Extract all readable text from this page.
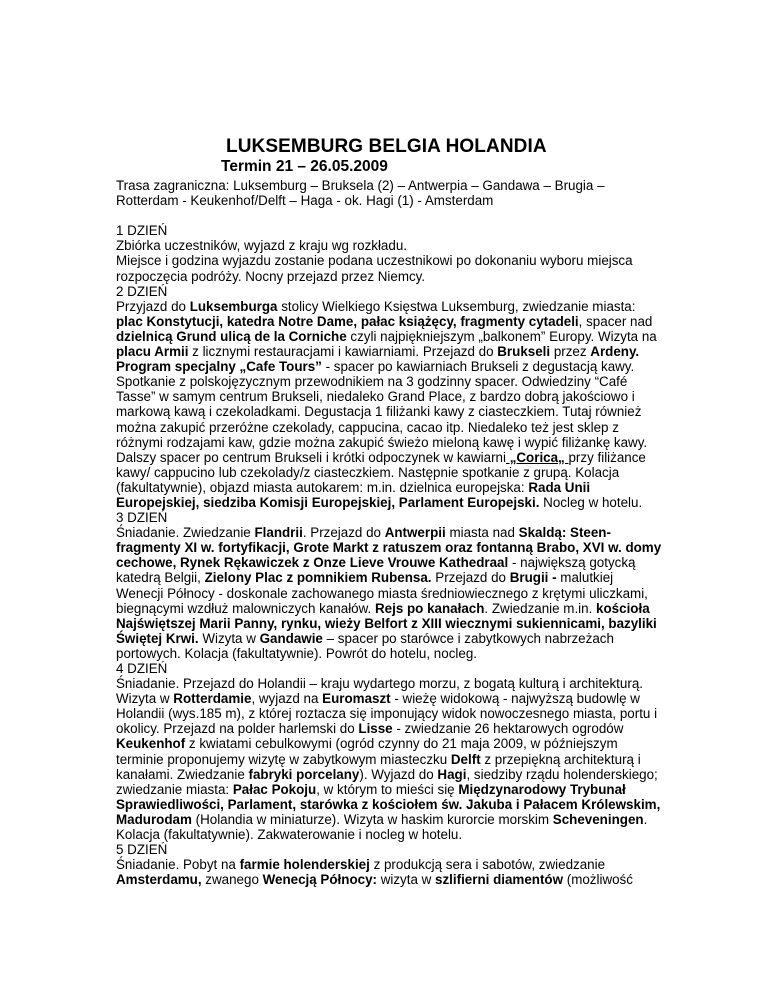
LUKSEMBURG BELGIA HOLANDIA
Termin 21 – 26.05.2009

Trasa zagraniczna: Luksemburg – Bruksela (2) – Antwerpia – Gandawa – Brugia –Rotterdam - Keukenhof/Delft – Haga - ok. Hagi (1) - Amsterdam

1 DZIEŃ

Zbiórka uczestników, wyjazd z kraju wg rozkładu.

Miejsce i godzina wyjazdu zostanie podana uczestnikowi po dokonaniu wyboru miejsca rozpoczęcia podróży. Nocny przejazd przez Niemcy.

2 DZIEŃ

Przyjazd do Luksemburga stolicy Wielkiego Księstwa Luksemburg, zwiedzanie miasta: plac Konstytucji, katedra Notre Dame, pałac książęcy, fragmenty cytadeli, spacer nad dzielnicą Grund ulicą de la Corniche czyli najpiękniejszym „balkonem” Europy. Wizyta na placu Armii z licznymi restauracjami i kawiarniami. Przejazd do Brukseli przez Ardeny.

Program specjalny „Cafe Tours” - spacer po kawiarniach Brukseli z degustacją kawy. Spotkanie z polskojęzycznym przewodnikiem na 3 godzinny spacer. Odwiedziny “Café Tasse” w samym centrum Brukseli, niedaleko Grand Place, z bardzo dobrą jakościowo i markową kawą i czekoladkami. Degustacja 1 filiżanki kawy z ciasteczkiem. Tutaj również można zakupić przeróżne czekolady, cappucina, cacao itp. Niedaleko też jest sklep z różnymi rodzajami kaw, gdzie można zakupić świeżo mieloną kawę i wypić filiżankę kawy. Dalszy spacer po centrum Brukseli i krótki odpoczynek w kawiarni „Corica„ przy filiżance kawy/ cappucino lub czekolady/z ciasteczkiem. Następnie spotkanie z grupą. Kolacja (fakultatywnie), objazd miasta autokarem: m.in. dzielnica europejska: Rada Unii Europejskiej, siedziba Komisji Europejskiej, Parlament Europejski. Nocleg w hotelu.

3 DZIEŃ

Śniadanie. Zwiedzanie Flandrii. Przejazd do Antwerpii miasta nad Skaldą: Steen- fragmenty XI w. fortyfikacji, Grote Markt z ratuszem oraz fontanną Brabo, XVI w. domy cechowe, Rynek Rękawiczek z Onze Lieve Vrouwe Kathedraal - największą gotycką katedrą Belgii, Zielony Plac z pomnikiem Rubensa. Przejazd do Brugii - malutkiej Wenecji Północy - doskonale zachowanego miasta średniowiecznego z krętymi uliczkami, biegnącymi wzdłuż malowniczych kanałów. Rejs po kanałach. Zwiedzanie m.in. kościoła Najświętszej Marii Panny, rynku, wieży Belfort z XIII wiecznymi sukiennicami, bazyliki Świętej Krwi. Wizyta w Gandawie – spacer po starówce i zabytkowych nabrzeżach portowych. Kolacja (fakultatywnie). Powrót do hotelu, nocleg.

4 DZIEŃ

Śniadanie. Przejazd do Holandii – kraju wydartego morzu, z bogatą kulturą i architekturą. Wizyta w Rotterdamie, wyjazd na Euromaszt - wieżę widokową - najwyższą budowlę w Holandii (wys.185 m), z której roztacza się imponujący widok nowoczesnego miasta, portu i okolicy. Przejazd na polder harlemski do Lisse - zwiedzanie 26 hektarowych ogrodów Keukenhof z kwiatami cebulkowymi (ogród czynny do 21 maja 2009, w późniejszym terminie proponujemy wizytę w zabytkowym miasteczku Delft z przepiękną architekturą i kanałami. Zwiedzanie fabryki porcelany). Wyjazd do Hagi, siedziby rządu holenderskiego; zwiedzanie miasta: Pałac Pokoju, w którym to mieści się Międzynarodowy Trybunał Sprawiedliwości, Parlament, starówka z kościołem św. Jakuba i Pałacem Królewskim, Madurodam (Holandia w miniaturze). Wizyta w haskim kurorcie morskim Scheveningen. Kolacja (fakultatywnie). Zakwaterowanie i nocleg w hotelu.

5 DZIEŃ

Śniadanie. Pobyt na farmie holenderskiej z produkcją sera i sabotów, zwiedzanie Amsterdamu, zwanego Wenecją Północy: wizyta w szlifierni diamentów (możliwość
